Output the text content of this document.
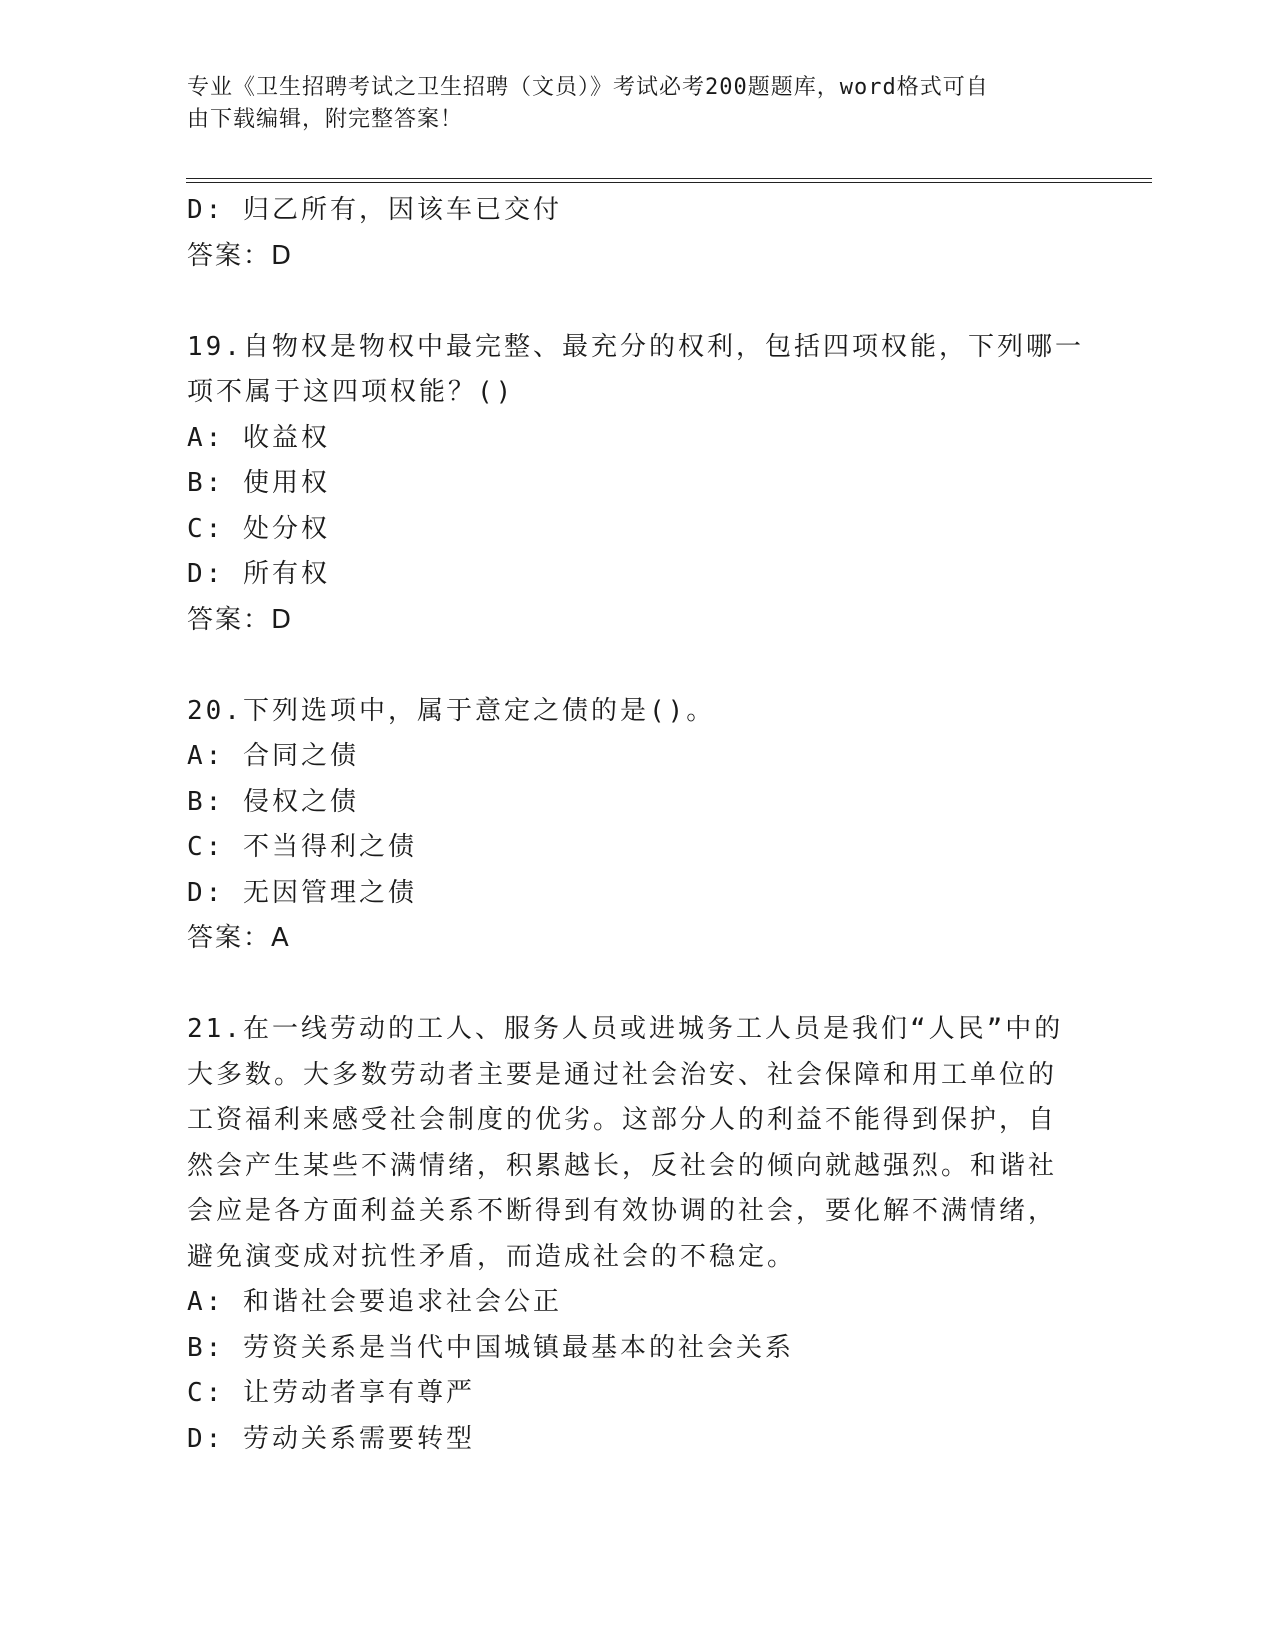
专业《卫生招聘考试之卫生招聘（文员）》考试必考200题题库，word格式可自
由下载编辑，附完整答案！
D: 归乙所有，因该车已交付
答案：D
19.自物权是物权中最完整、最充分的权利，包括四项权能，下列哪一
项不属于这四项权能？()
A: 收益权
B: 使用权
C: 处分权
D: 所有权
答案：D
20.下列选项中，属于意定之债的是()。
A: 合同之债
B: 侵权之债
C: 不当得利之债
D: 无因管理之债
答案：A
21.在一线劳动的工人、服务人员或进城务工人员是我们“人民”中的
大多数。大多数劳动者主要是通过社会治安、社会保障和用工单位的
工资福利来感受社会制度的优劣。这部分人的利益不能得到保护，自
然会产生某些不满情绪，积累越长，反社会的倾向就越强烈。和谐社
会应是各方面利益关系不断得到有效协调的社会，要化解不满情绪，
避免演变成对抗性矛盾，而造成社会的不稳定。
A: 和谐社会要追求社会公正
B: 劳资关系是当代中国城镇最基本的社会关系
C: 让劳动者享有尊严
D: 劳动关系需要转型
